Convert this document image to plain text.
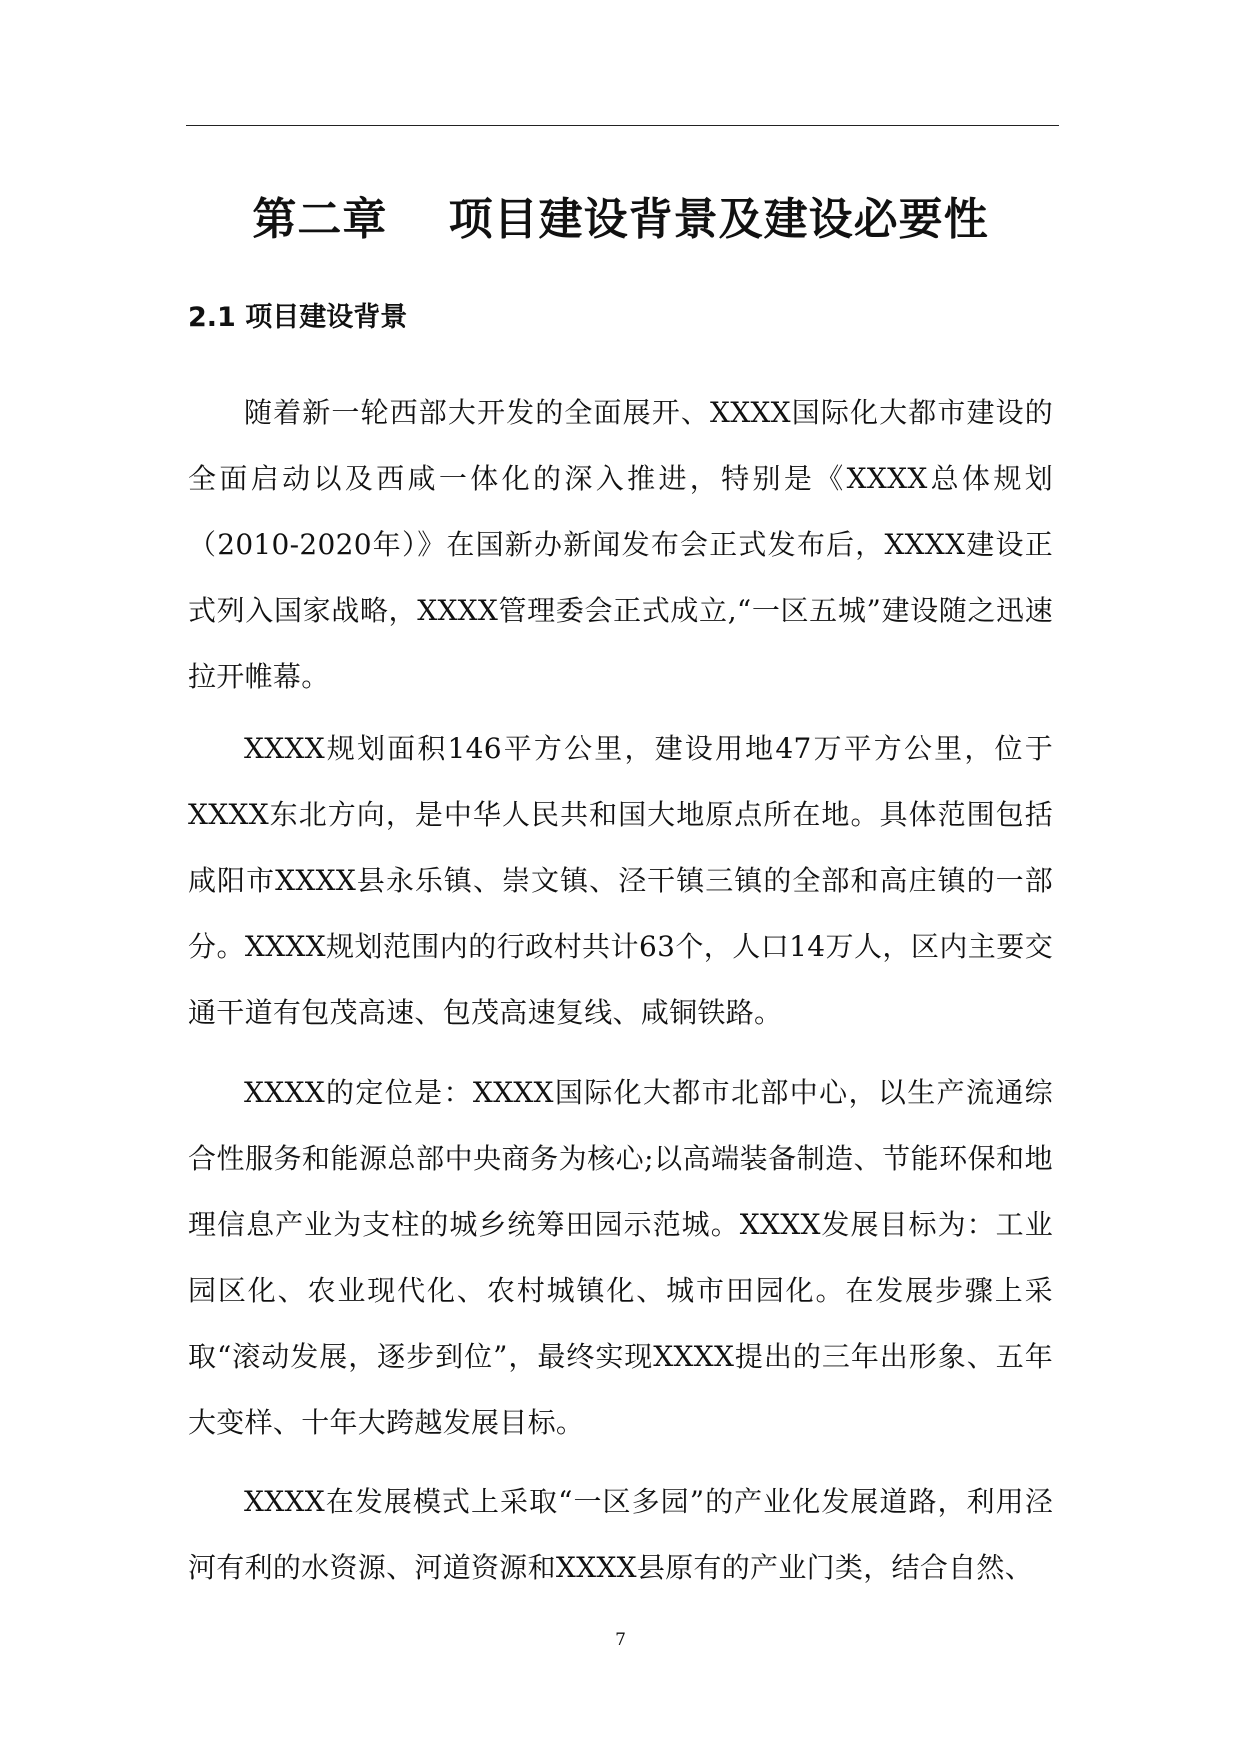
第二章　 项目建设背景及建设必要性
2.1 项目建设背景

随着新一轮西部大开发的全面展开、XXXX国际化大都市建设的全面启动以及西咸一体化的深入推进，特别是《XXXX总体规划（2010-2020年）》在国新办新闻发布会正式发布后，XXXX建设正式列入国家战略，XXXX管理委会正式成立,“一区五城”建设随之迅速拉开帷幕。

XXXX规划面积146平方公里，建设用地47万平方公里，位于XXXX东北方向，是中华人民共和国大地原点所在地。具体范围包括咸阳市XXXX县永乐镇、崇文镇、泾干镇三镇的全部和高庄镇的一部分。XXXX规划范围内的行政村共计63个，人口14万人，区内主要交通干道有包茂高速、包茂高速复线、咸铜铁路。

XXXX的定位是：XXXX国际化大都市北部中心，以生产流通综合性服务和能源总部中央商务为核心;以高端装备制造、节能环保和地理信息产业为支柱的城乡统筹田园示范城。XXXX发展目标为：工业园区化、农业现代化、农村城镇化、城市田园化。在发展步骤上采取“滚动发展，逐步到位”，最终实现XXXX提出的三年出形象、五年大变样、十年大跨越发展目标。

XXXX在发展模式上采取“一区多园”的产业化发展道路，利用泾河有利的水资源、河道资源和XXXX县原有的产业门类，结合自然、

7
